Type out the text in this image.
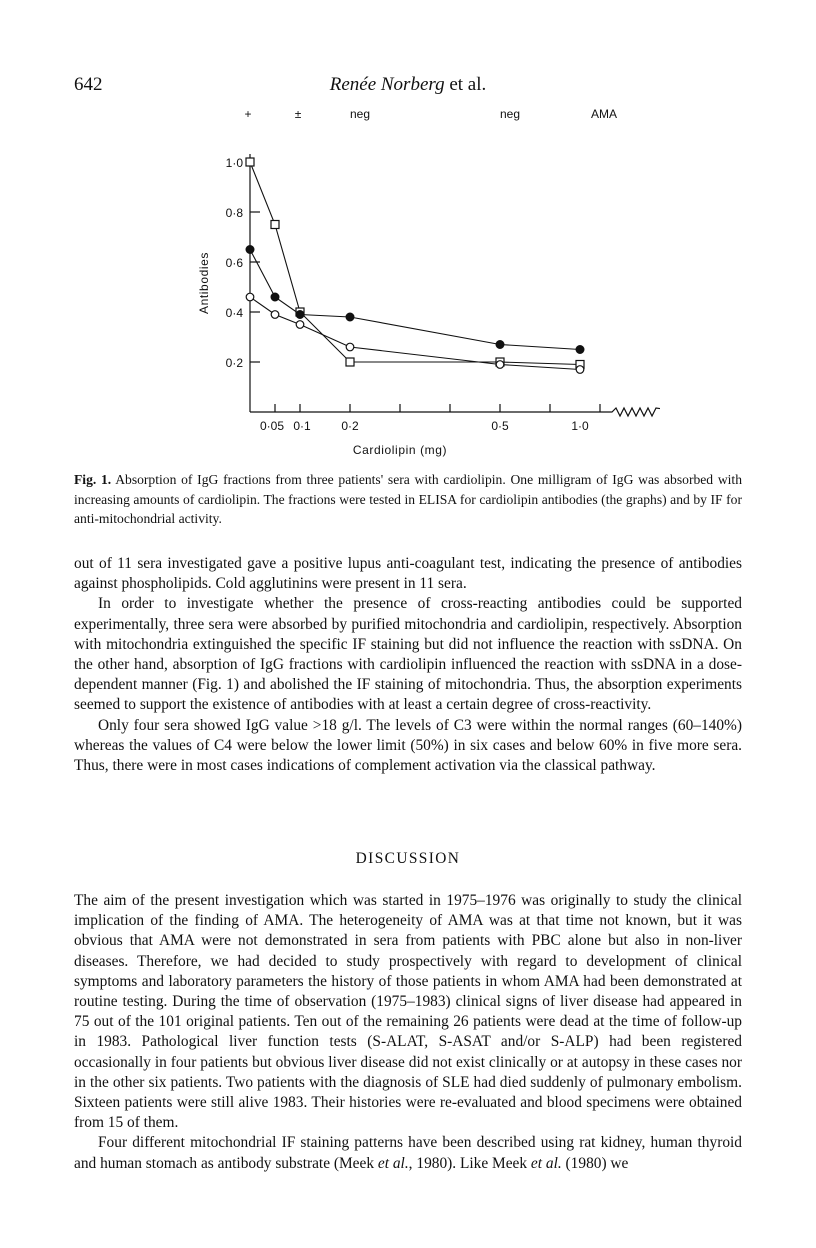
642	Renée Norberg et al.
0·2
0·4
0·6
0·8
1·0
0·05 0·1	0·2	0·5	1·0
Cardiolipin (mg)
Antibodies
+	±	neg	neg	AMA
Fig. 1. Absorption of IgG fractions from three patients' sera with cardiolipin. One milligram of IgG was absorbed with increasing amounts of cardiolipin. The fractions were tested in ELISA for cardiolipin antibodies (the graphs) and by IF for anti-mitochondrial activity.

out of 11 sera investigated gave a positive lupus anti-coagulant test, indicating the presence of antibodies against phospholipids. Cold agglutinins were present in 11 sera.

In order to investigate whether the presence of cross-reacting antibodies could be supported experimentally, three sera were absorbed by purified mitochondria and cardiolipin, respectively. Absorption with mitochondria extinguished the specific IF staining but did not influence the reaction with ssDNA. On the other hand, absorption of IgG fractions with cardiolipin influenced the reaction with ssDNA in a dose-dependent manner (Fig. 1) and abolished the IF staining of mitochondria. Thus, the absorption experiments seemed to support the existence of antibodies with at least a certain degree of cross-reactivity.

Only four sera showed IgG value >18 g/l. The levels of C3 were within the normal ranges (60–140%) whereas the values of C4 were below the lower limit (50%) in six cases and below 60% in five more sera. Thus, there were in most cases indications of complement activation via the classical pathway.

DISCUSSION

The aim of the present investigation which was started in 1975–1976 was originally to study the clinical implication of the finding of AMA. The heterogeneity of AMA was at that time not known, but it was obvious that AMA were not demonstrated in sera from patients with PBC alone but also in non-liver diseases. Therefore, we had decided to study prospectively with regard to development of clinical symptoms and laboratory parameters the history of those patients in whom AMA had been demonstrated at routine testing. During the time of observation (1975–1983) clinical signs of liver disease had appeared in 75 out of the 101 original patients. Ten out of the remaining 26 patients were dead at the time of follow-up in 1983. Pathological liver function tests (S-ALAT, S-ASAT and/or S-ALP) had been registered occasionally in four patients but obvious liver disease did not exist clinically or at autopsy in these cases nor in the other six patients. Two patients with the diagnosis of SLE had died suddenly of pulmonary embolism. Sixteen patients were still alive 1983. Their histories were re-evaluated and blood specimens were obtained from 15 of them.

Four different mitochondrial IF staining patterns have been described using rat kidney, human thyroid and human stomach as antibody substrate (Meek et al., 1980). Like Meek et al. (1980) we
